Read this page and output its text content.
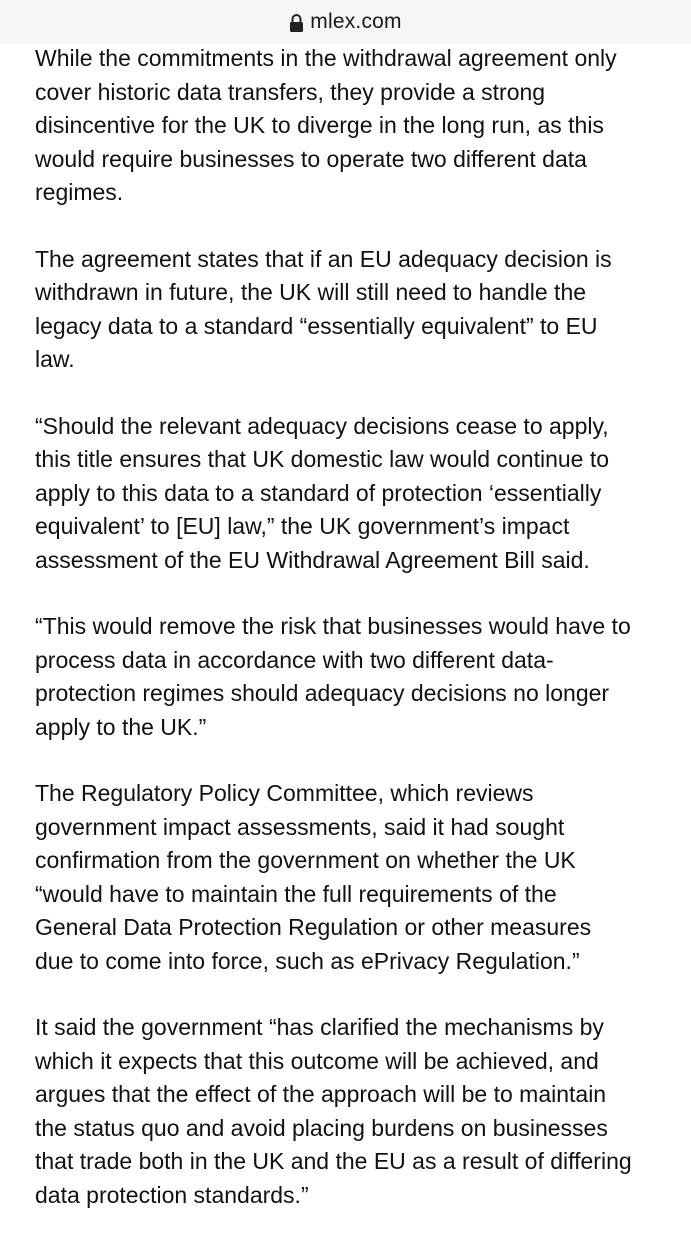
mlex.com

While the commitments in the withdrawal agreement only
cover historic data transfers, they provide a strong
disincentive for the UK to diverge in the long run, as this
would require businesses to operate two different data
regimes.

The agreement states that if an EU adequacy decision is
withdrawn in future, the UK will still need to handle the
legacy data to a standard “essentially equivalent” to EU
law.

“Should the relevant adequacy decisions cease to apply,
this title ensures that UK domestic law would continue to
apply to this data to a standard of protection ‘essentially
equivalent’ to [EU] law,” the UK government’s impact
assessment of the EU Withdrawal Agreement Bill said.

“This would remove the risk that businesses would have to
process data in accordance with two different data-
protection regimes should adequacy decisions no longer
apply to the UK.”

The Regulatory Policy Committee, which reviews
government impact assessments, said it had sought
confirmation from the government on whether the UK
“would have to maintain the full requirements of the
General Data Protection Regulation or other measures
due to come into force, such as ePrivacy Regulation.”

It said the government “has clarified the mechanisms by
which it expects that this outcome will be achieved, and
argues that the effect of the approach will be to maintain
the status quo and avoid placing burdens on businesses
that trade both in the UK and the EU as a result of differing
data protection standards.”
